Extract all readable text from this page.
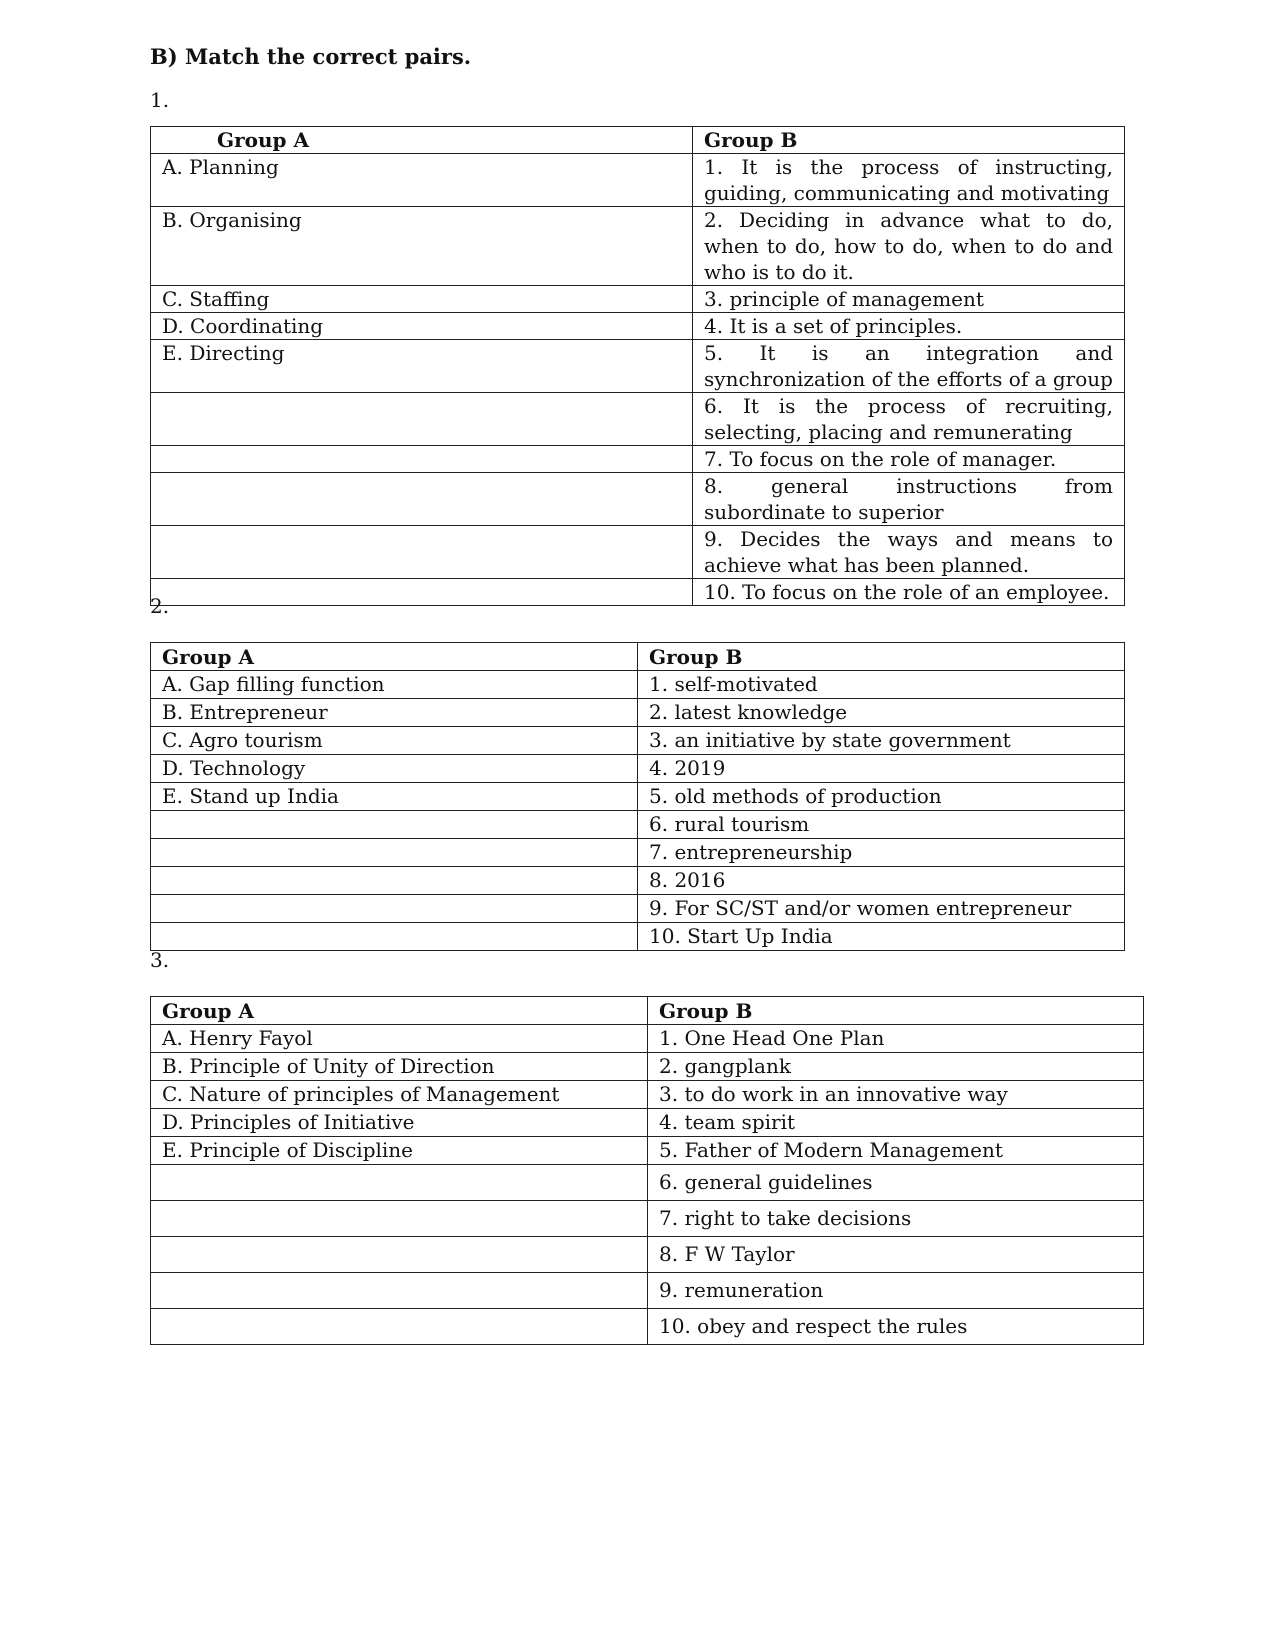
B) Match the correct pairs.

1.
Group A	Group B
A. Planning	1. It is the process of instructing, guiding, communicating and motivating
B. Organising	2. Deciding in advance what to do, when to do, how to do, when to do and who is to do it.
C. Staffing	3. principle of management
D. Coordinating	4. It is a set of principles.
E. Directing	5. It is an integration and synchronization of the efforts of a group
	6. It is the process of recruiting, selecting, placing and remunerating
	7. To focus on the role of manager.
	8. general instructions from subordinate to superior
	9. Decides the ways and means to achieve what has been planned.
	10. To focus on the role of an employee.
2.
Group A	Group B
A. Gap filling function	1. self-motivated
B. Entrepreneur	2. latest knowledge
C. Agro tourism	3. an initiative by state government
D. Technology	4. 2019
E. Stand up India	5. old methods of production
	6. rural tourism
	7. entrepreneurship
	8. 2016
	9. For SC/ST and/or women entrepreneur
	10. Start Up India
3.
Group A	Group B
A. Henry Fayol	1. One Head One Plan
B. Principle of Unity of Direction	2. gangplank
C. Nature of principles of Management	3. to do work in an innovative way
D. Principles of Initiative	4. team spirit
E. Principle of Discipline	5. Father of Modern Management
	6. general guidelines
	7. right to take decisions
	8. F W Taylor
	9. remuneration
	10. obey and respect the rules
